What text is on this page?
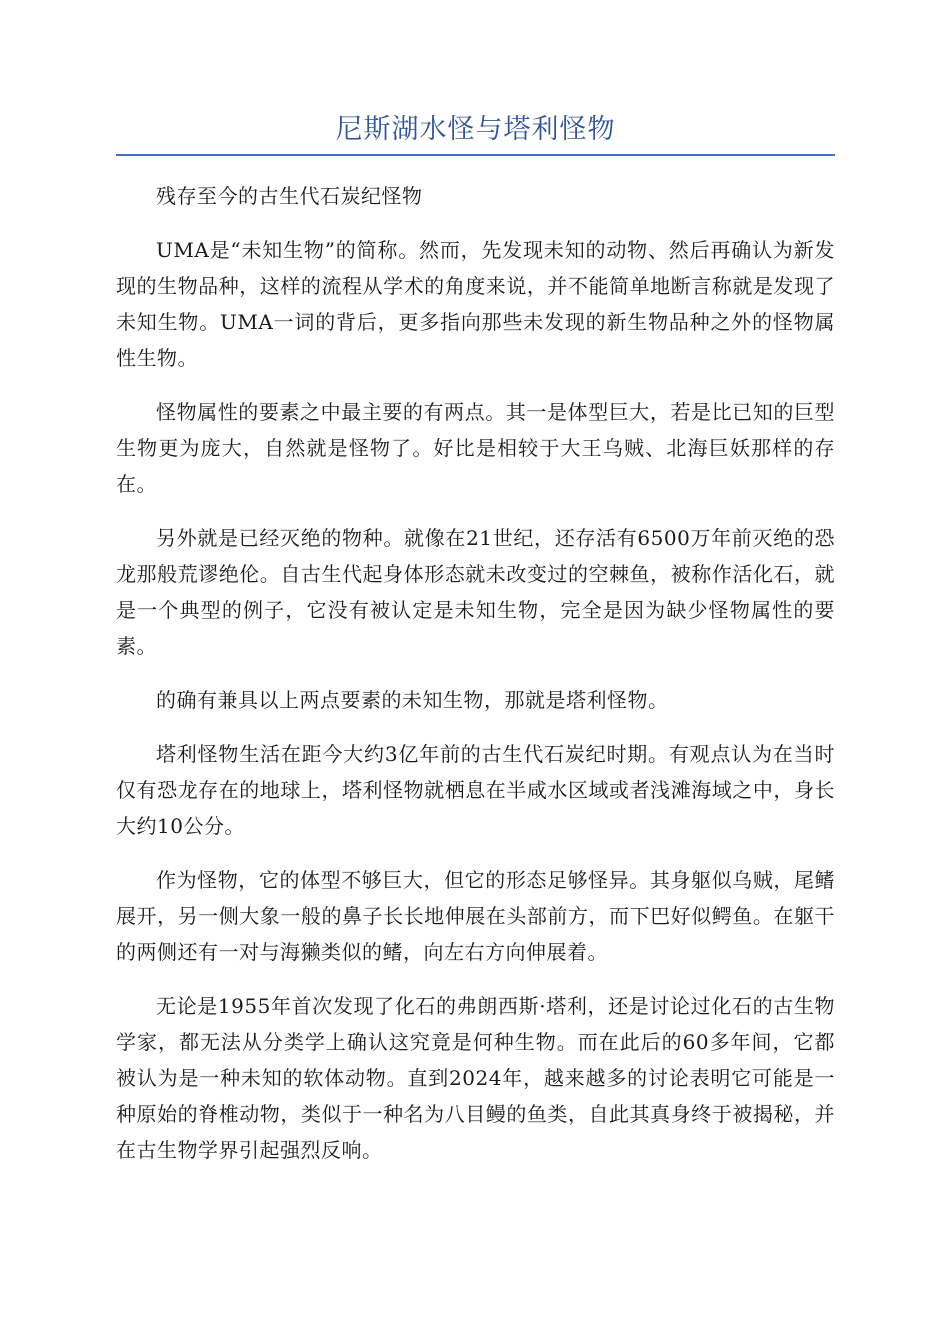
尼斯湖水怪与塔利怪物

残存至今的古生代石炭纪怪物

UMA是“未知生物”的简称。然而，先发现未知的动物、然后再确认为新发现的生物品种，这样的流程从学术的角度来说，并不能简单地断言称就是发现了未知生物。UMA一词的背后，更多指向那些未发现的新生物品种之外的怪物属性生物。

怪物属性的要素之中最主要的有两点。其一是体型巨大，若是比已知的巨型生物更为庞大，自然就是怪物了。好比是相较于大王乌贼、北海巨妖那样的存在。

另外就是已经灭绝的物种。就像在21世纪，还存活有6500万年前灭绝的恐龙那般荒谬绝伦。自古生代起身体形态就未改变过的空棘鱼，被称作活化石，就是一个典型的例子，它没有被认定是未知生物，完全是因为缺少怪物属性的要素。

的确有兼具以上两点要素的未知生物，那就是塔利怪物。

塔利怪物生活在距今大约3亿年前的古生代石炭纪时期。有观点认为在当时仅有恐龙存在的地球上，塔利怪物就栖息在半咸水区域或者浅滩海域之中，身长大约10公分。

作为怪物，它的体型不够巨大，但它的形态足够怪异。其身躯似乌贼，尾鳍展开，另一侧大象一般的鼻子长长地伸展在头部前方，而下巴好似鳄鱼。在躯干的两侧还有一对与海獭类似的鳍，向左右方向伸展着。

无论是1955年首次发现了化石的弗朗西斯·塔利，还是讨论过化石的古生物学家，都无法从分类学上确认这究竟是何种生物。而在此后的60多年间，它都被认为是一种未知的软体动物。直到2024年，越来越多的讨论表明它可能是一种原始的脊椎动物，类似于一种名为八目鳗的鱼类，自此其真身终于被揭秘，并在古生物学界引起强烈反响。
